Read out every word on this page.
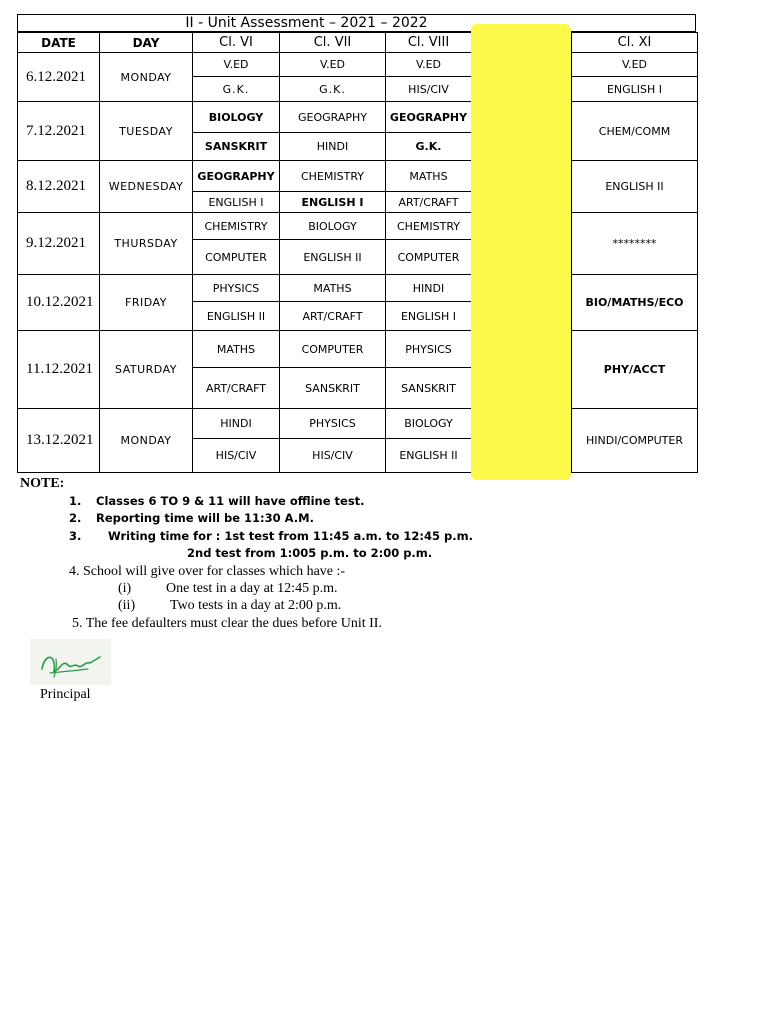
II - Unit Assessment – 2021 – 2022
DATE	DAY	Cl. VI	Cl. VII	Cl. VIII		Cl. XI
6.12.2021	MONDAY	V.ED	V.ED	V.ED		V.ED
		G.K.	G.K.	HIS/CIV		ENGLISH I
7.12.2021	TUESDAY	BIOLOGY	GEOGRAPHY	GEOGRAPHY		CHEM/COMM
		SANSKRIT	HINDI	G.K.		
8.12.2021	WEDNESDAY	GEOGRAPHY	CHEMISTRY	MATHS		ENGLISH II
		ENGLISH I	ENGLISH I	ART/CRAFT		
9.12.2021	THURSDAY	CHEMISTRY	BIOLOGY	CHEMISTRY		********
		COMPUTER	ENGLISH II	COMPUTER		
10.12.2021	FRIDAY	PHYSICS	MATHS	HINDI		BIO/MATHS/ECO
		ENGLISH II	ART/CRAFT	ENGLISH I		
11.12.2021	SATURDAY	MATHS	COMPUTER	PHYSICS		PHY/ACCT
		ART/CRAFT	SANSKRIT	SANSKRIT		
13.12.2021	MONDAY	HINDI	PHYSICS	BIOLOGY		HINDI/COMPUTER
		HIS/CIV	HIS/CIV	ENGLISH II		
NOTE:
1. Classes 6 TO 9 & 11 will have offline test.
2. Reporting time will be 11:30 A.M.
3. Writing time for : 1st test from 11:45 a.m. to 12:45 p.m.
2nd test from 1:005 p.m. to 2:00 p.m.
4. School will give over for classes which have :-
(i) One test in a day at 12:45 p.m.
(ii) Two tests in a day at 2:00 p.m.
5. The fee defaulters must clear the dues before Unit II.
Principal
